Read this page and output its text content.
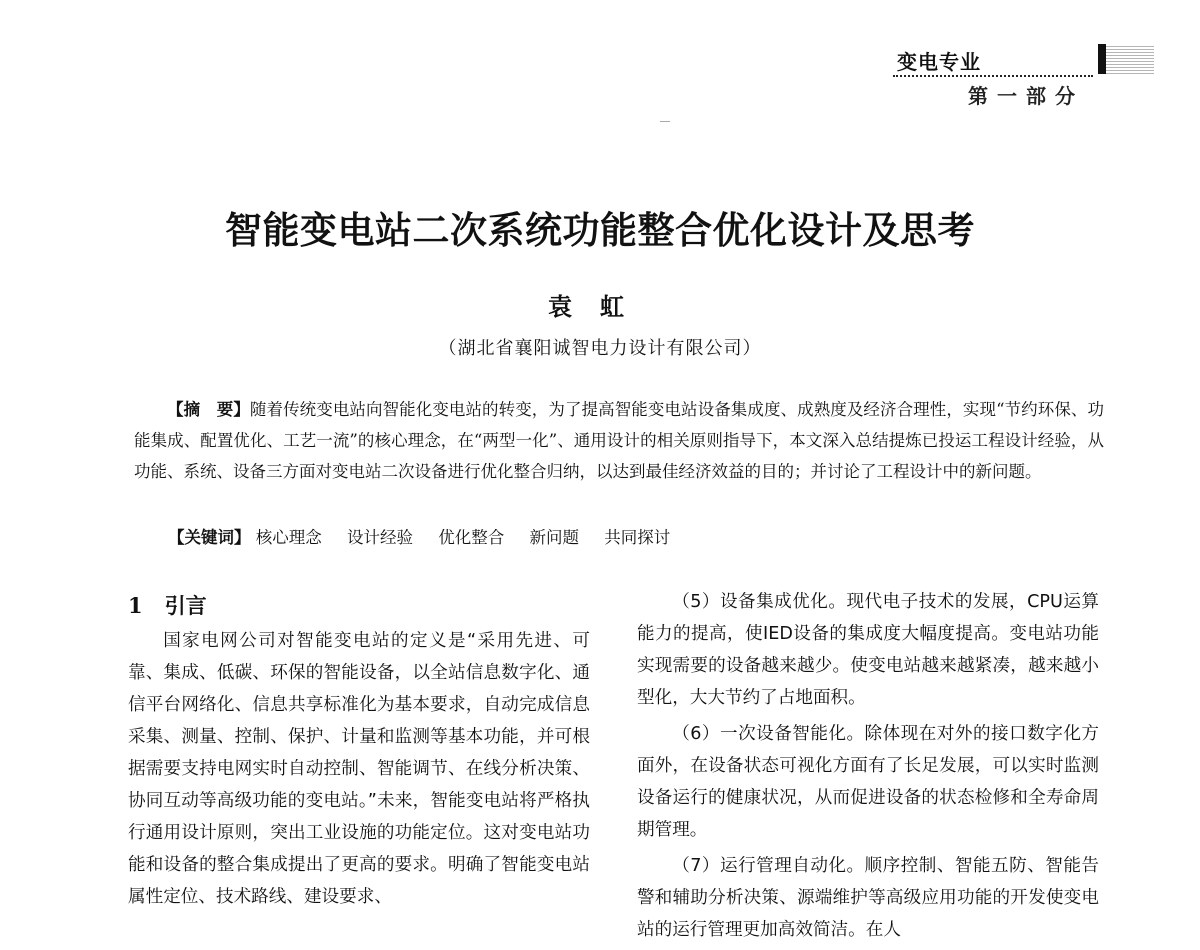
变电专业
第一部分
智能变电站二次系统功能整合优化设计及思考
袁虹
（湖北省襄阳诚智电力设计有限公司）

【摘　要】随着传统变电站向智能化变电站的转变，为了提高智能变电站设备集成度、成熟度及经济合理性，实现“节约环保、功能集成、配置优化、工艺一流”的核心理念，在“两型一化”、通用设计的相关原则指导下，本文深入总结提炼已投运工程设计经验，从功能、系统、设备三方面对变电站二次设备进行优化整合归纳，以达到最佳经济效益的目的；并讨论了工程设计中的新问题。

【关键词】 核心理念 设计经验 优化整合 新问题 共同探讨
1 引言

国家电网公司对智能变电站的定义是“采用先进、可靠、集成、低碳、环保的智能设备，以全站信息数字化、通信平台网络化、信息共享标准化为基本要求，自动完成信息采集、测量、控制、保护、计量和监测等基本功能，并可根据需要支持电网实时自动控制、智能调节、在线分析决策、协同互动等高级功能的变电站。”未来，智能变电站将严格执行通用设计原则，突出工业设施的功能定位。这对变电站功能和设备的整合集成提出了更高的要求。明确了智能变电站属性定位、技术路线、建设要求、

（5）设备集成优化。现代电子技术的发展，CPU运算能力的提高，使IED设备的集成度大幅度提高。变电站功能实现需要的设备越来越少。使变电站越来越紧凑，越来越小型化，大大节约了占地面积。

（6）一次设备智能化。除体现在对外的接口数字化方面外，在设备状态可视化方面有了长足发展，可以实时监测设备运行的健康状况，从而促进设备的状态检修和全寿命周期管理。

（7）运行管理自动化。顺序控制、智能五防、智能告警和辅助分析决策、源端维护等高级应用功能的开发使变电站的运行管理更加高效简洁。在人
